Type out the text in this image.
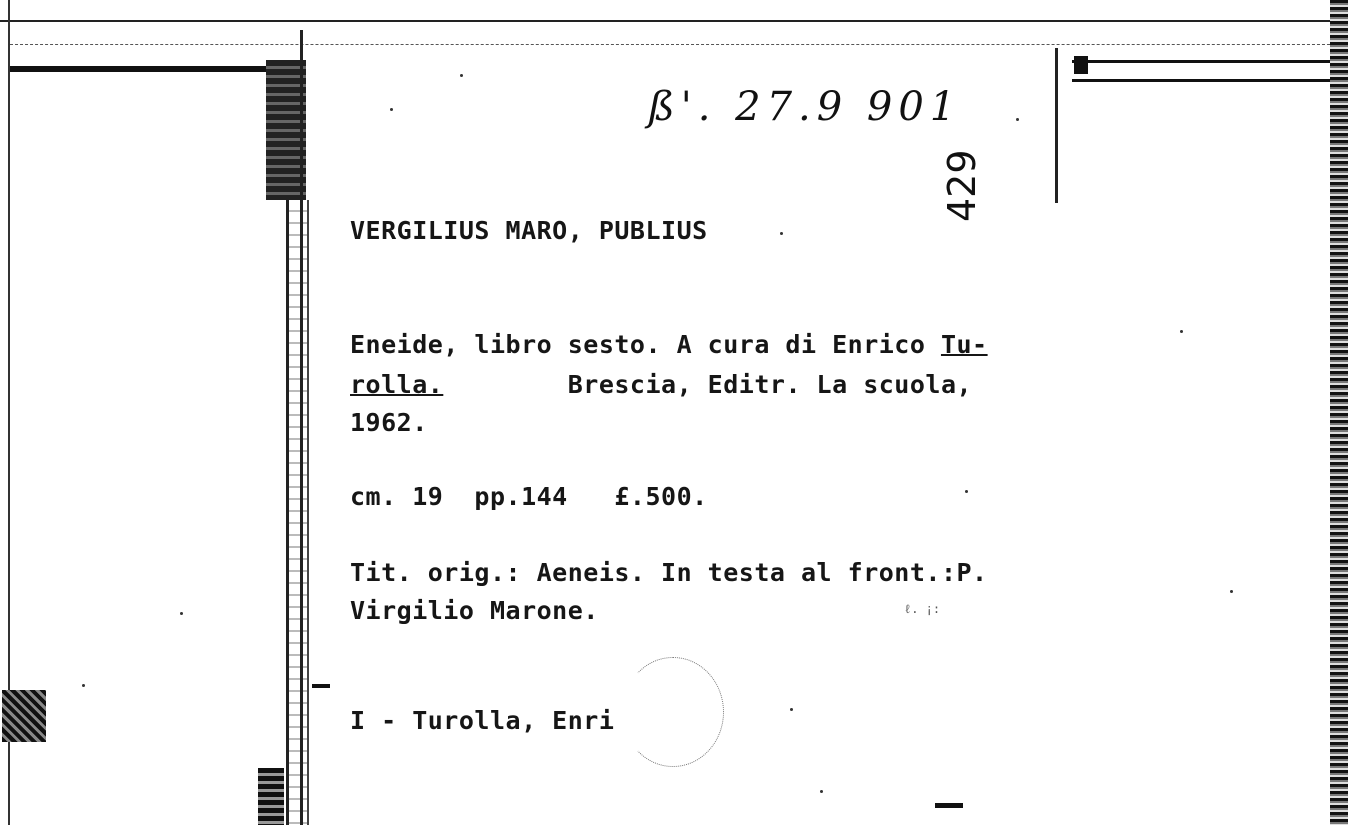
ß'. 27.9 901
429
VERGILIUS MARO, PUBLIUS
Eneide, libro sesto. A cura di Enrico Tu-
rolla.        Brescia, Editr. La scuola,
1962.
cm. 19  pp.144   £.500.
Tit. orig.: Aeneis. In testa al front.:P.
Virgilio Marone.	ℓ. ¡:
I - Turolla, Enri
